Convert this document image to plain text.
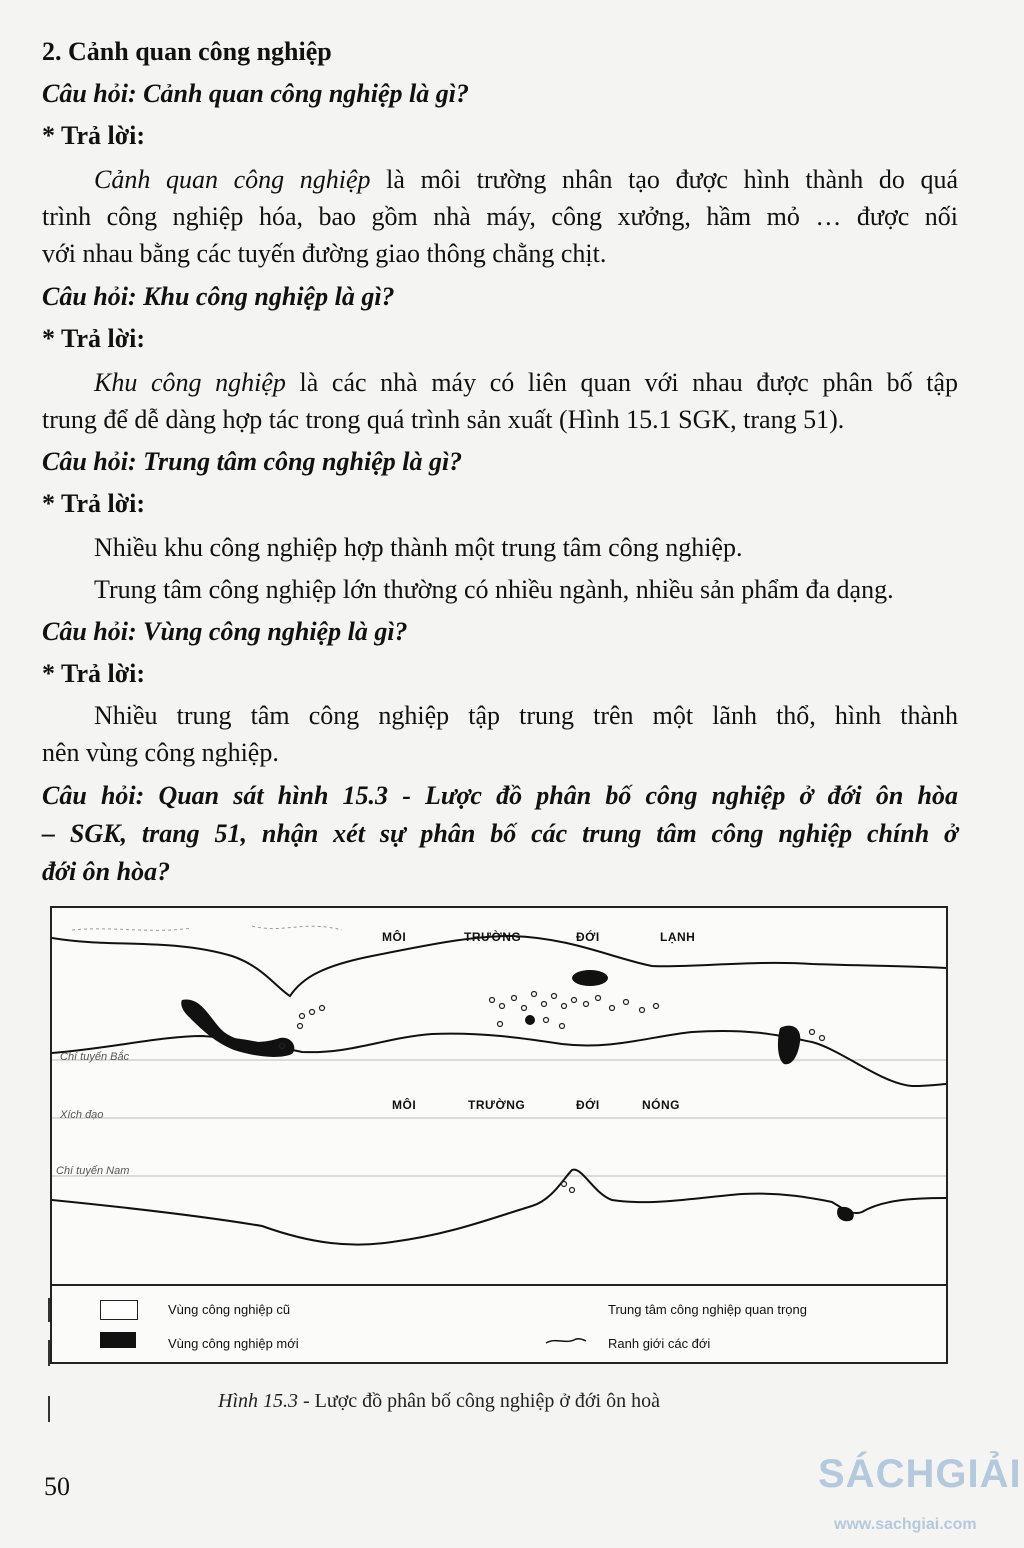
2. Cảnh quan công nghiệp
Câu hỏi: Cảnh quan công nghiệp là gì?
* Trả lời:
Cảnh quan công nghiệp là môi trường nhân tạo được hình thành do quá
trình công nghiệp hóa, bao gồm nhà máy, công xưởng, hầm mỏ … được nối
với nhau bằng các tuyến đường giao thông chằng chịt.
Câu hỏi: Khu công nghiệp là gì?
* Trả lời:
Khu công nghiệp là các nhà máy có liên quan với nhau được phân bố tập
trung để dễ dàng hợp tác trong quá trình sản xuất (Hình 15.1 SGK, trang 51).
Câu hỏi: Trung tâm công nghiệp là gì?
* Trả lời:
Nhiều khu công nghiệp hợp thành một trung tâm công nghiệp.
Trung tâm công nghiệp lớn thường có nhiều ngành, nhiều sản phẩm đa dạng.
Câu hỏi: Vùng công nghiệp là gì?
* Trả lời:
Nhiều trung tâm công nghiệp tập trung trên một lãnh thổ, hình thành
nên vùng công nghiệp.
Câu hỏi: Quan sát hình 15.3 - Lược đồ phân bố công nghiệp ở đới ôn hòa
– SGK, trang 51, nhận xét sự phân bố các trung tâm công nghiệp chính ở
đới ôn hòa?
MÔI	TRƯỜNG	ĐỚI	LẠNH
MÔI	TRƯỜNG	ĐỚI	NÓNG
Chí tuyến Bắc
Xích đạo
Chí tuyến Nam
Vùng công nghiệp cũ
Vùng công nghiệp mới
Trung tâm công nghiệp quan trọng
Ranh giới các đới
Hình 15.3 - Lược đồ phân bố công nghiệp ở đới ôn hoà
50	SÁCHGIẢI
www.sachgiai.com
